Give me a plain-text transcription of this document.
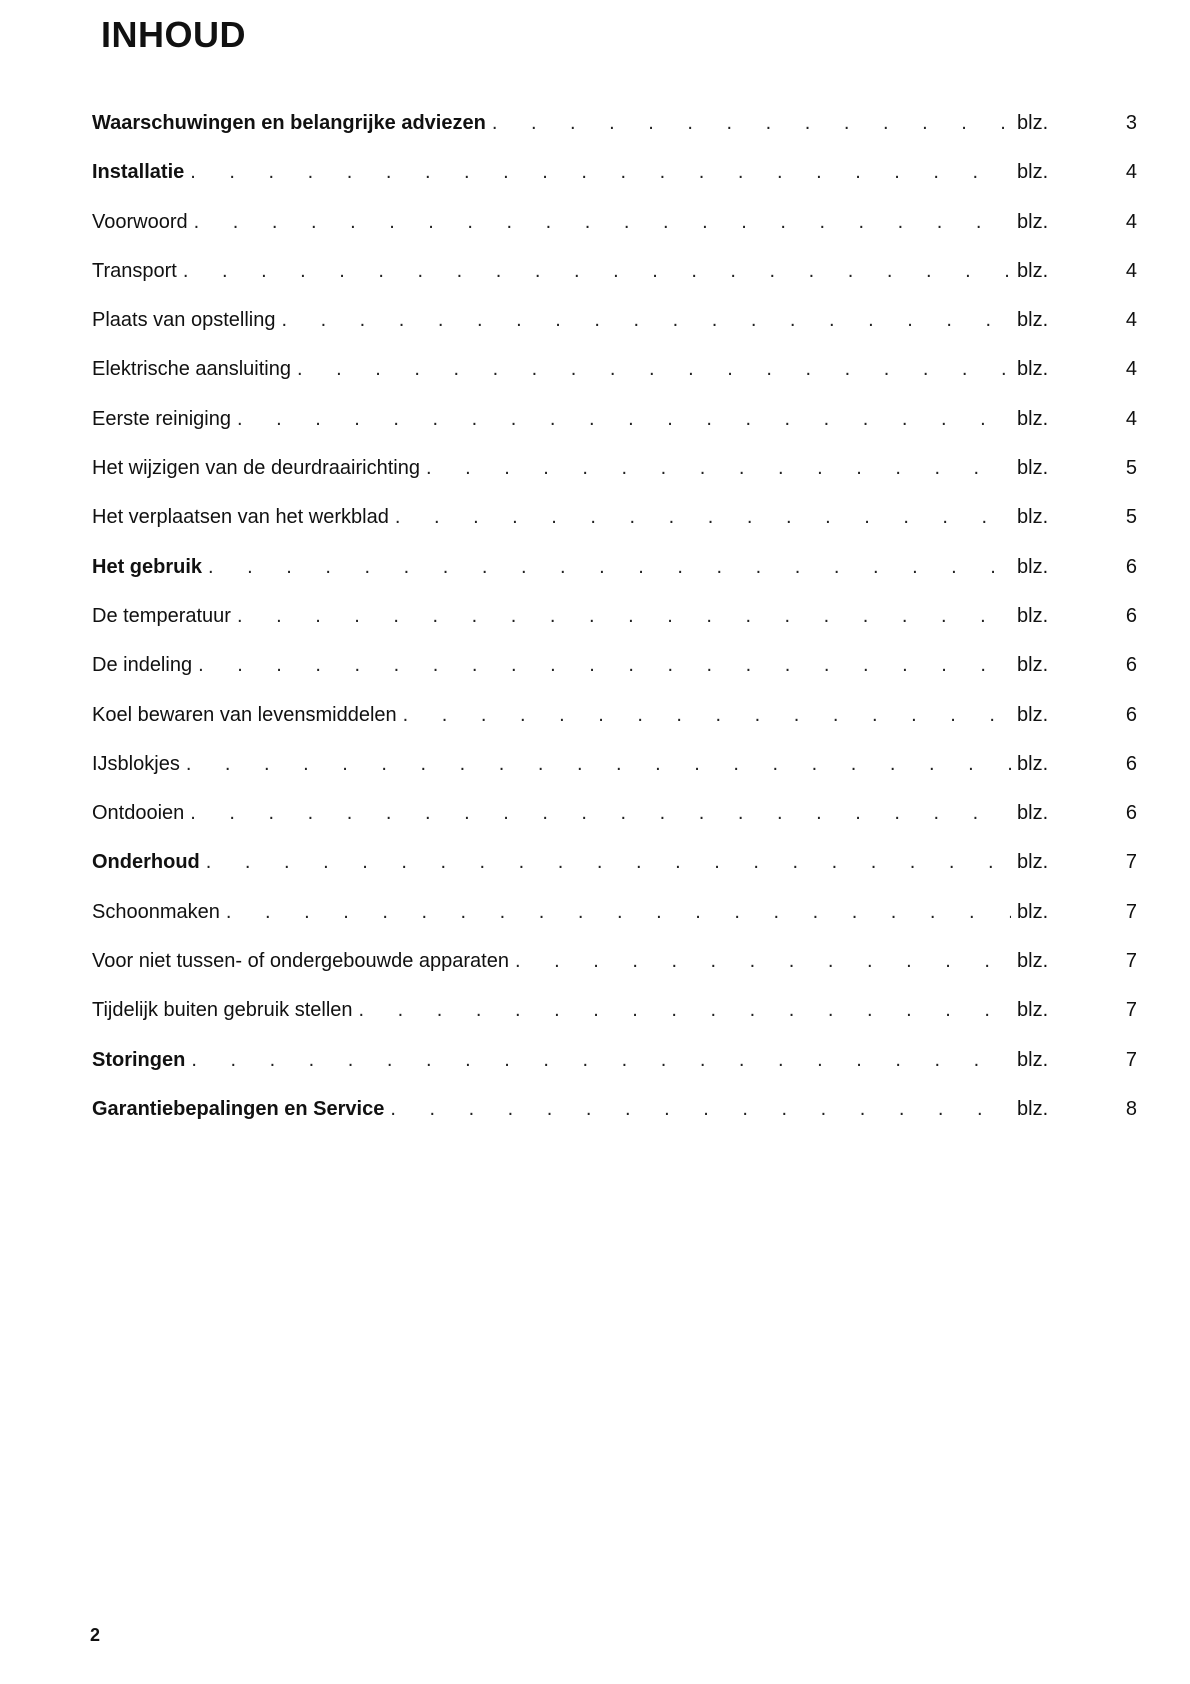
INHOUD
Waarschuwingen en belangrijke adviezen . . .	blz.	3
Installatie . . .	blz.	4
Voorwoord . . .	blz.	4
Transport . . .	blz.	4
Plaats van opstelling . . .	blz.	4
Elektrische aansluiting . . .	blz.	4
Eerste reiniging . . .	blz.	4
Het wijzigen van de deurdraairichting . . .	blz.	5
Het verplaatsen van het werkblad . . .	blz.	5
Het gebruik . . .	blz.	6
De temperatuur . . .	blz.	6
De indeling . . .	blz.	6
Koel bewaren van levensmiddelen . . .	blz.	6
IJsblokjes . . .	blz.	6
Ontdooien . . .	blz.	6
Onderhoud . . .	blz.	7
Schoonmaken . . .	blz.	7
Voor niet tussen- of ondergebouwde apparaten . . .	blz.	7
Tijdelijk buiten gebruik stellen . . .	blz.	7
Storingen . . .	blz.	7
Garantiebepalingen en Service . . .	blz.	8
2
